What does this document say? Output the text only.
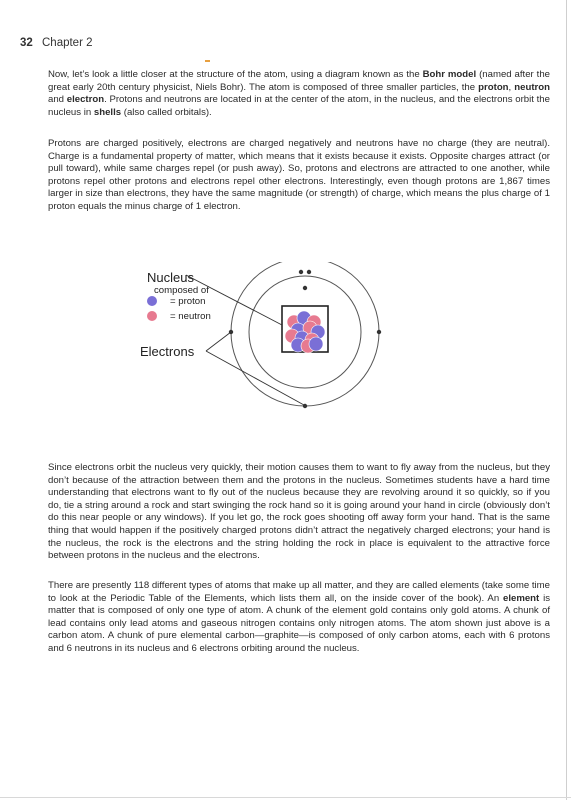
32 Chapter 2

Now, let’s look a little closer at the structure of the atom, using a diagram known as the Bohr model (named after the great early 20th century physicist, Niels Bohr). The atom is composed of three smaller particles, the proton, neutron and electron. Protons and neutrons are located in at the center of the atom, in the nucleus, and the electrons orbit the nucleus in shells (also called orbitals).

Protons are charged positively, electrons are charged negatively and neutrons have no charge (they are neutral). Charge is a fundamental property of matter, which means that it exists because it exists. Opposite charges attract (or pull toward), while same charges repel (or push away). So, protons and electrons are attracted to one another, while protons repel other protons and electrons repel other electrons. Interestingly, even though protons are 1,867 times larger in size than electrons, they have the same magnitude (or strength) of charge, which means the plus charge of 1 proton equals the minus charge of 1 electron.

Nucleus
composed of
= proton
= neutron
Electrons

Since electrons orbit the nucleus very quickly, their motion causes them to want to fly away from the nucleus, but they don’t because of the attraction between them and the protons in the nucleus. Sometimes students have a hard time understanding that electrons want to fly out of the nucleus because they are revolving around it so quickly, so if you do, tie a string around a rock and start swinging the rock hand so it is going around your hand in circle (obviously don’t do this near people or any windows). If you let go, the rock goes shooting off away form your hand. That is the same thing that would happen if the positively charged protons didn’t attract the negatively charged electrons; your hand is the nucleus, the rock is the electrons and the string holding the rock in place is equivalent to the attractive force between protons in the nucleus and the electrons.

There are presently 118 different types of atoms that make up all matter, and they are called elements (take some time to look at the Periodic Table of the Elements, which lists them all, on the inside cover of the book). An element is matter that is composed of only one type of atom. A chunk of the element gold contains only gold atoms. A chunk of lead contains only lead atoms and gaseous nitrogen contains only nitrogen atoms. The atom shown just above is a carbon atom. A chunk of pure elemental carbon—graphite—is composed of only carbon atoms, each with 6 protons and 6 neutrons in its nucleus and 6 electrons orbiting around the nucleus.
